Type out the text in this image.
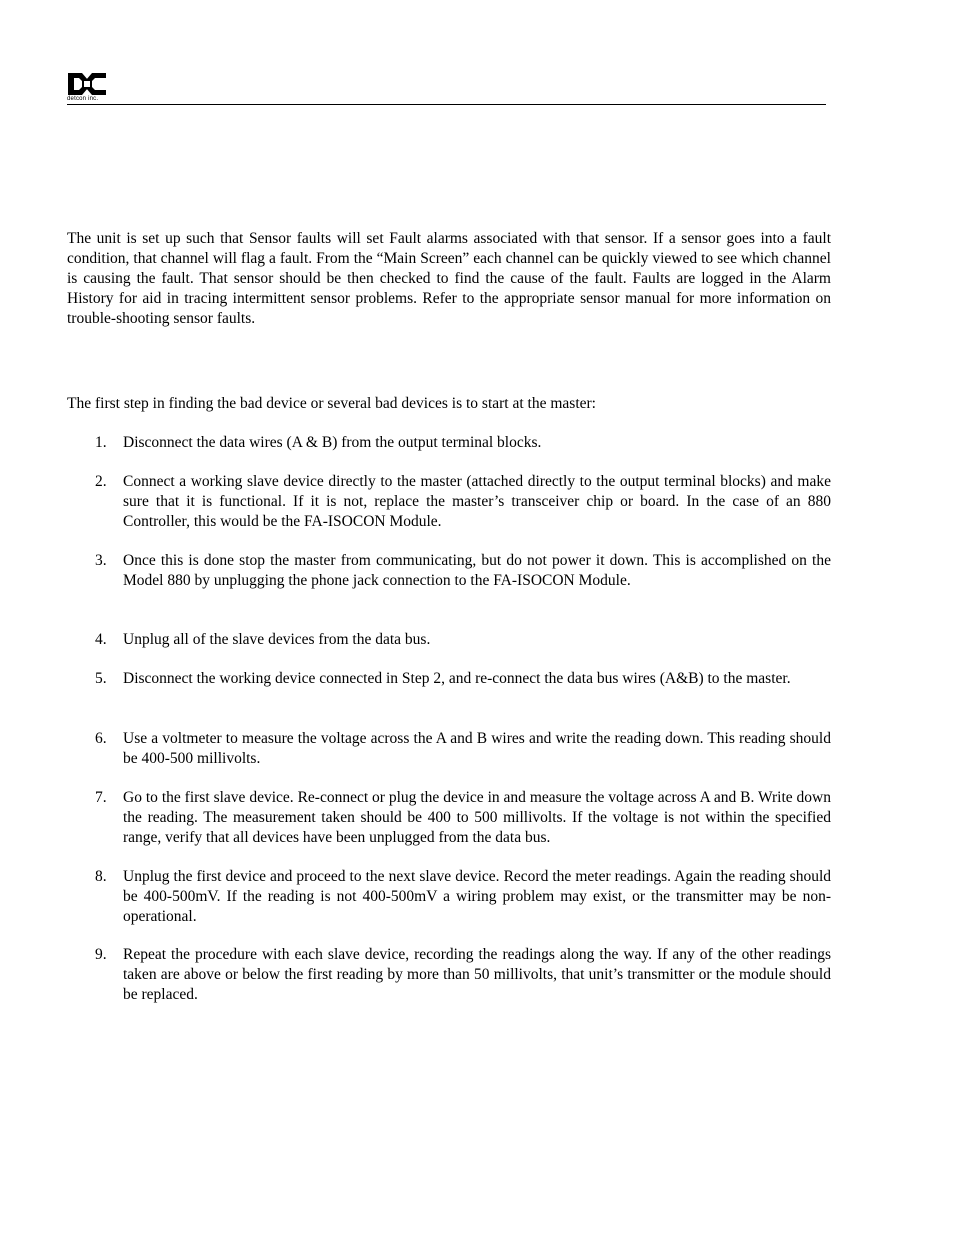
detcon inc.

The unit is set up such that Sensor faults will set Fault alarms associated with that sensor. If a sensor goes into a fault condition, that channel will flag a fault. From the “Main Screen” each channel can be quickly viewed to see which channel is causing the fault. That sensor should be then checked to find the cause of the fault. Faults are logged in the Alarm History for aid in tracing intermittent sensor problems. Refer to the appropriate sensor manual for more information on trouble-shooting sensor faults.

The first step in finding the bad device or several bad devices is to start at the master:

1.	Disconnect the data wires (A & B) from the output terminal blocks.
2.	Connect a working slave device directly to the master (attached directly to the output terminal blocks) and make sure that it is functional. If it is not, replace the master’s transceiver chip or board. In the case of an 880 Controller, this would be the FA-ISOCON Module.
3.	Once this is done stop the master from communicating, but do not power it down. This is accomplished on the Model 880 by unplugging the phone jack connection to the FA-ISOCON Module.
4.	Unplug all of the slave devices from the data bus.
5.	Disconnect the working device connected in Step 2, and re-connect the data bus wires (A&B) to the master.
6.	Use a voltmeter to measure the voltage across the A and B wires and write the reading down. This reading should be 400-500 millivolts.
7.	Go to the first slave device. Re-connect or plug the device in and measure the voltage across A and B. Write down the reading. The measurement taken should be 400 to 500 millivolts. If the voltage is not within the specified range, verify that all devices have been unplugged from the data bus.
8.	Unplug the first device and proceed to the next slave device. Record the meter readings. Again the reading should be 400-500mV. If the reading is not 400-500mV a wiring problem may exist, or the transmitter may be non-operational.
9.	Repeat the procedure with each slave device, recording the readings along the way. If any of the other readings taken are above or below the first reading by more than 50 millivolts, that unit’s transmitter or the module should be replaced.
